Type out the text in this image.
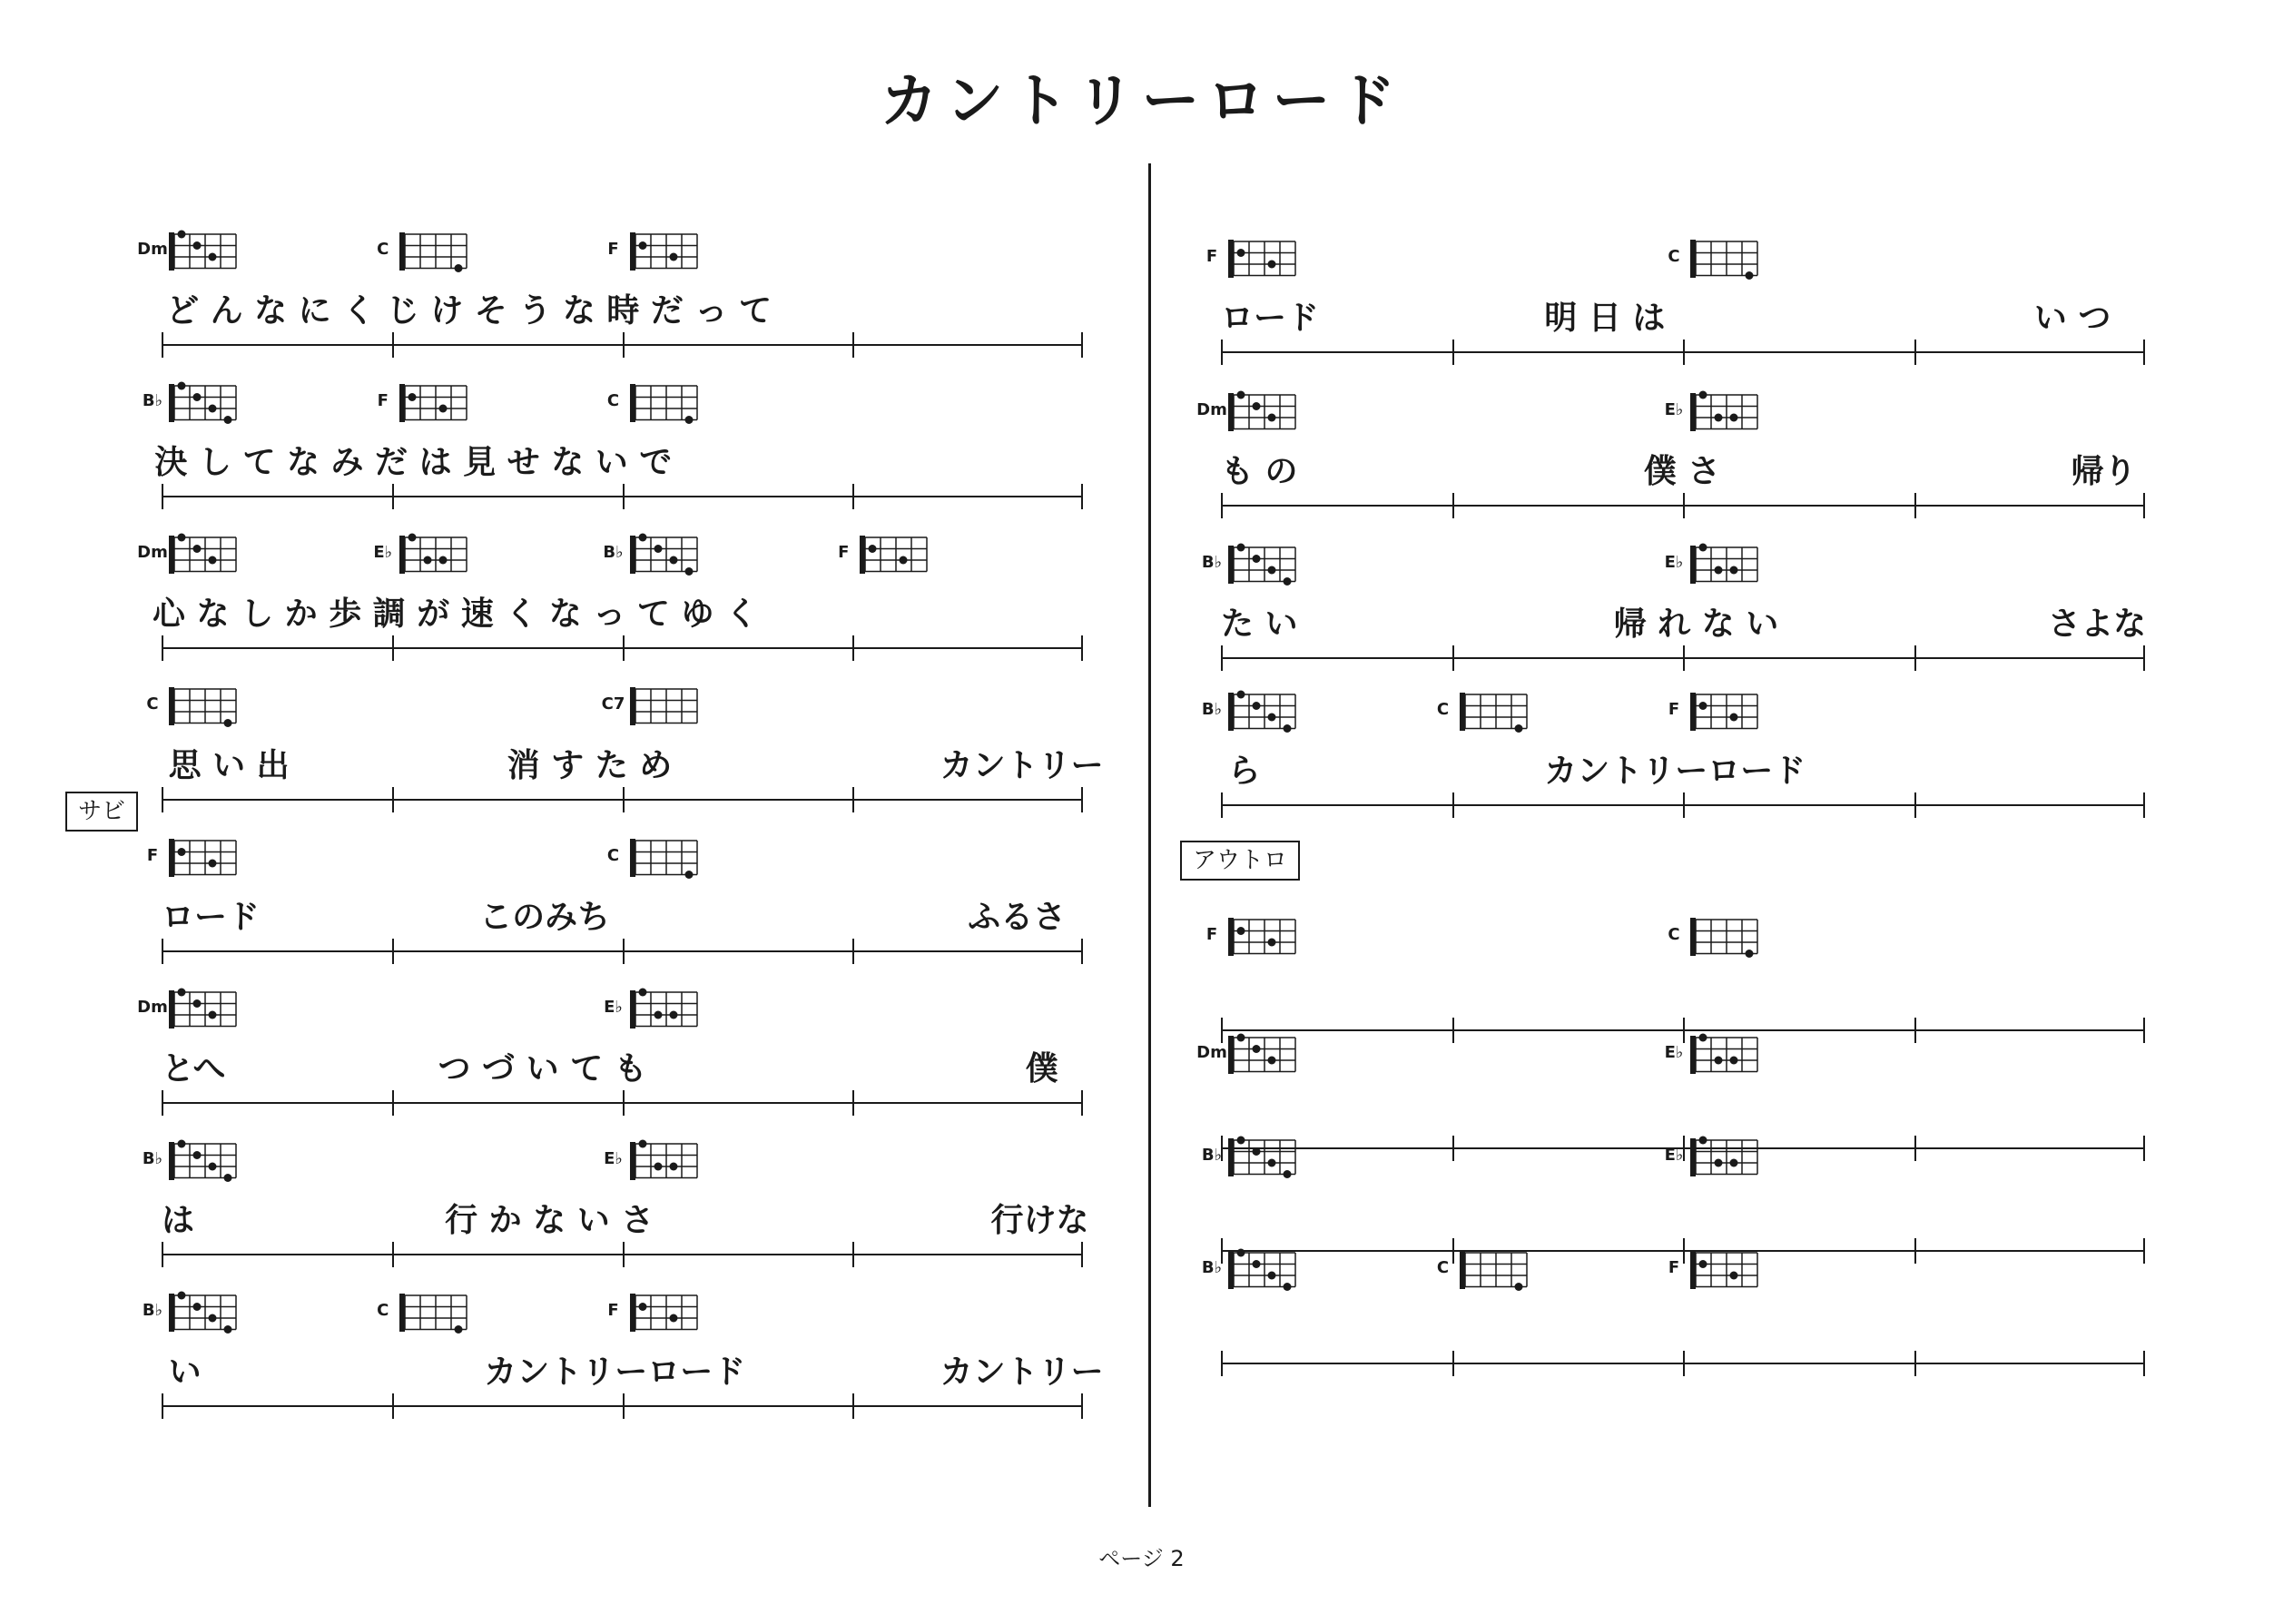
カントリーロード
サビ
アウトロ
Dm	C	F
ど ん な に く じ け そ う な 時 だ っ て
B♭	F	C
決 し て な み だ は 見 せ な い で
Dm	E♭	B♭	F
心 な し か 歩 調 が 速 く な っ て ゆ く
C	C7
思 い 出	消 す た め	カントリー
F	C
ロード	このみち	ふるさ
Dm	E♭
とへ	つ づ い て も	僕
B♭	E♭
は	行 か な い さ	行けな
B♭	C	F
い	カントリーロード	カントリー
F	C
ロード	明 日 は	い つ
Dm	E♭
も の	僕 さ	帰り
B♭	E♭
た い	帰 れ な い	さよな
B♭	C	F
ら	カントリーロード
F	C
Dm	E♭
B♭	E♭
B♭	C	F
ページ 2
